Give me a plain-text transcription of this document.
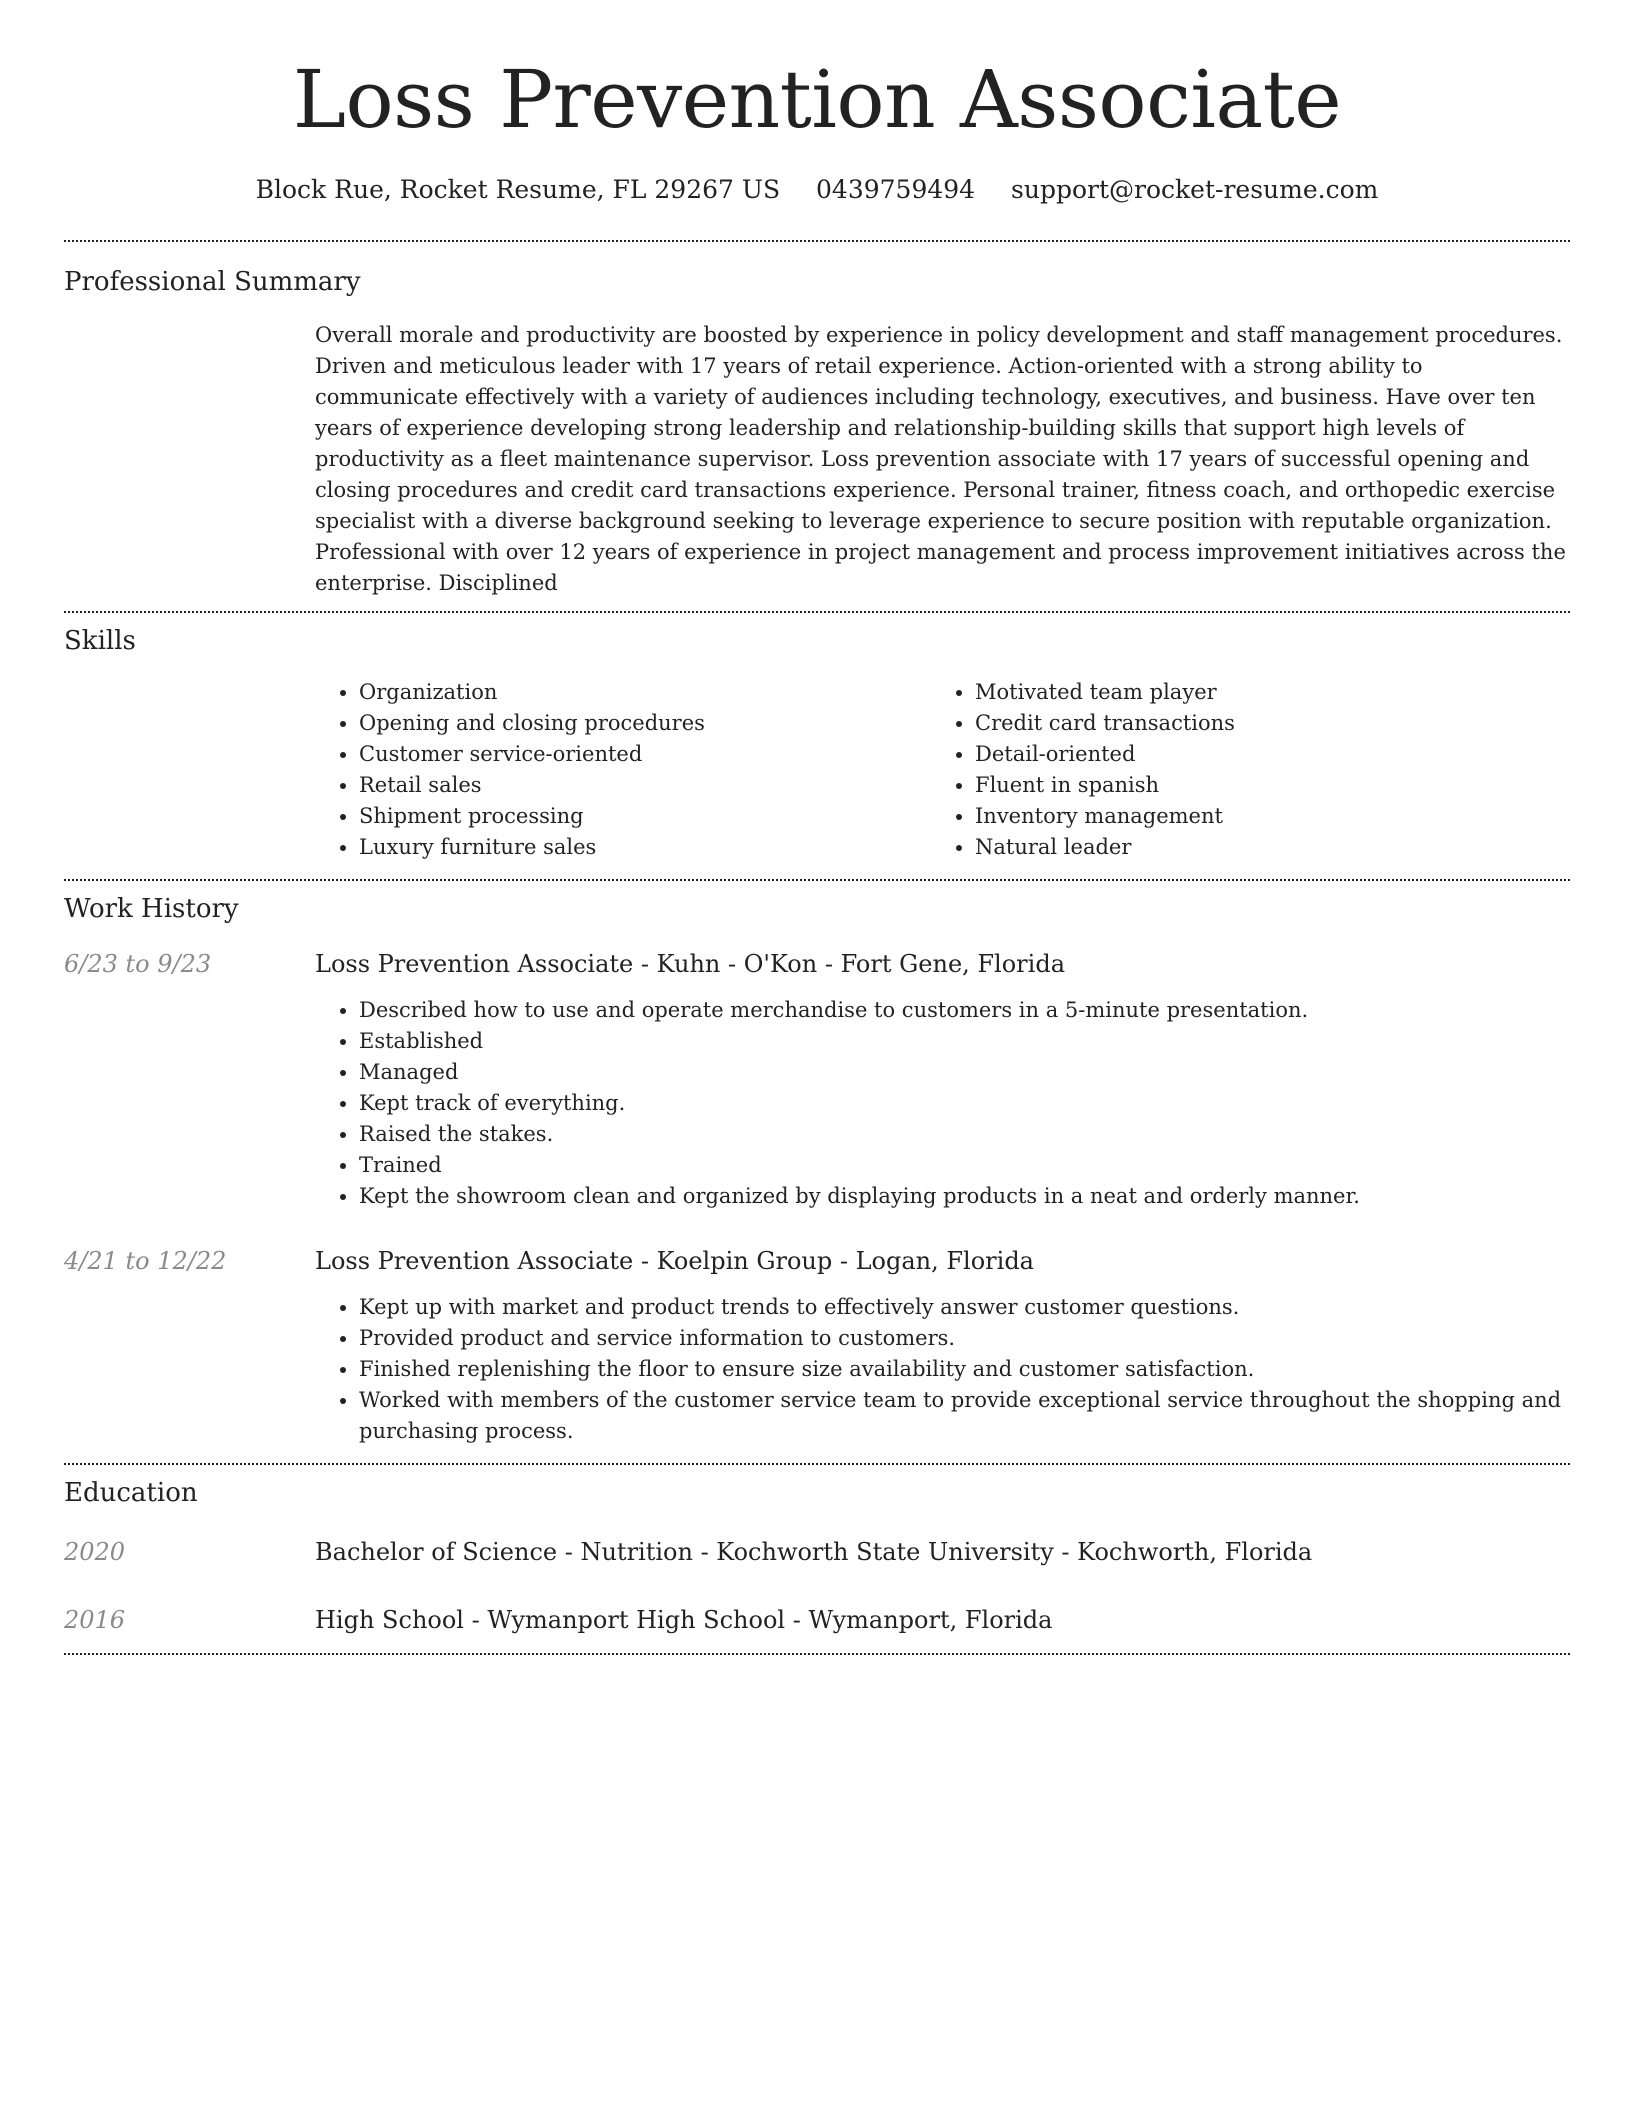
Loss Prevention Associate
Block Rue, Rocket Resume, FL 29267 US 0439759494 support@rocket-resume.com
Professional Summary
Overall morale and productivity are boosted by experience in policy development and staff management procedures. Driven and meticulous leader with 17 years of retail experience. Action-oriented with a strong ability to communicate effectively with a variety of audiences including technology, executives, and business. Have over ten years of experience developing strong leadership and relationship-building skills that support high levels of productivity as a fleet maintenance supervisor. Loss prevention associate with 17 years of successful opening and closing procedures and credit card transactions experience. Personal trainer, fitness coach, and orthopedic exercise specialist with a diverse background seeking to leverage experience to secure position with reputable organization. Professional with over 12 years of experience in project management and process improvement initiatives across the enterprise. Disciplined
Skills
• Organization
• Opening and closing procedures
• Customer service-oriented
• Retail sales
• Shipment processing
• Luxury furniture sales
• Motivated team player
• Credit card transactions
• Detail-oriented
• Fluent in spanish
• Inventory management
• Natural leader
Work History
6/23 to 9/23	Loss Prevention Associate - Kuhn - O'Kon - Fort Gene, Florida
• Described how to use and operate merchandise to customers in a 5-minute presentation.
• Established
• Managed
• Kept track of everything.
• Raised the stakes.
• Trained
• Kept the showroom clean and organized by displaying products in a neat and orderly manner.
4/21 to 12/22	Loss Prevention Associate - Koelpin Group - Logan, Florida
• Kept up with market and product trends to effectively answer customer questions.
• Provided product and service information to customers.
• Finished replenishing the floor to ensure size availability and customer satisfaction.
• Worked with members of the customer service team to provide exceptional service throughout the shopping and purchasing process.
Education
2020	Bachelor of Science - Nutrition - Kochworth State University - Kochworth, Florida
2016	High School - Wymanport High School - Wymanport, Florida
